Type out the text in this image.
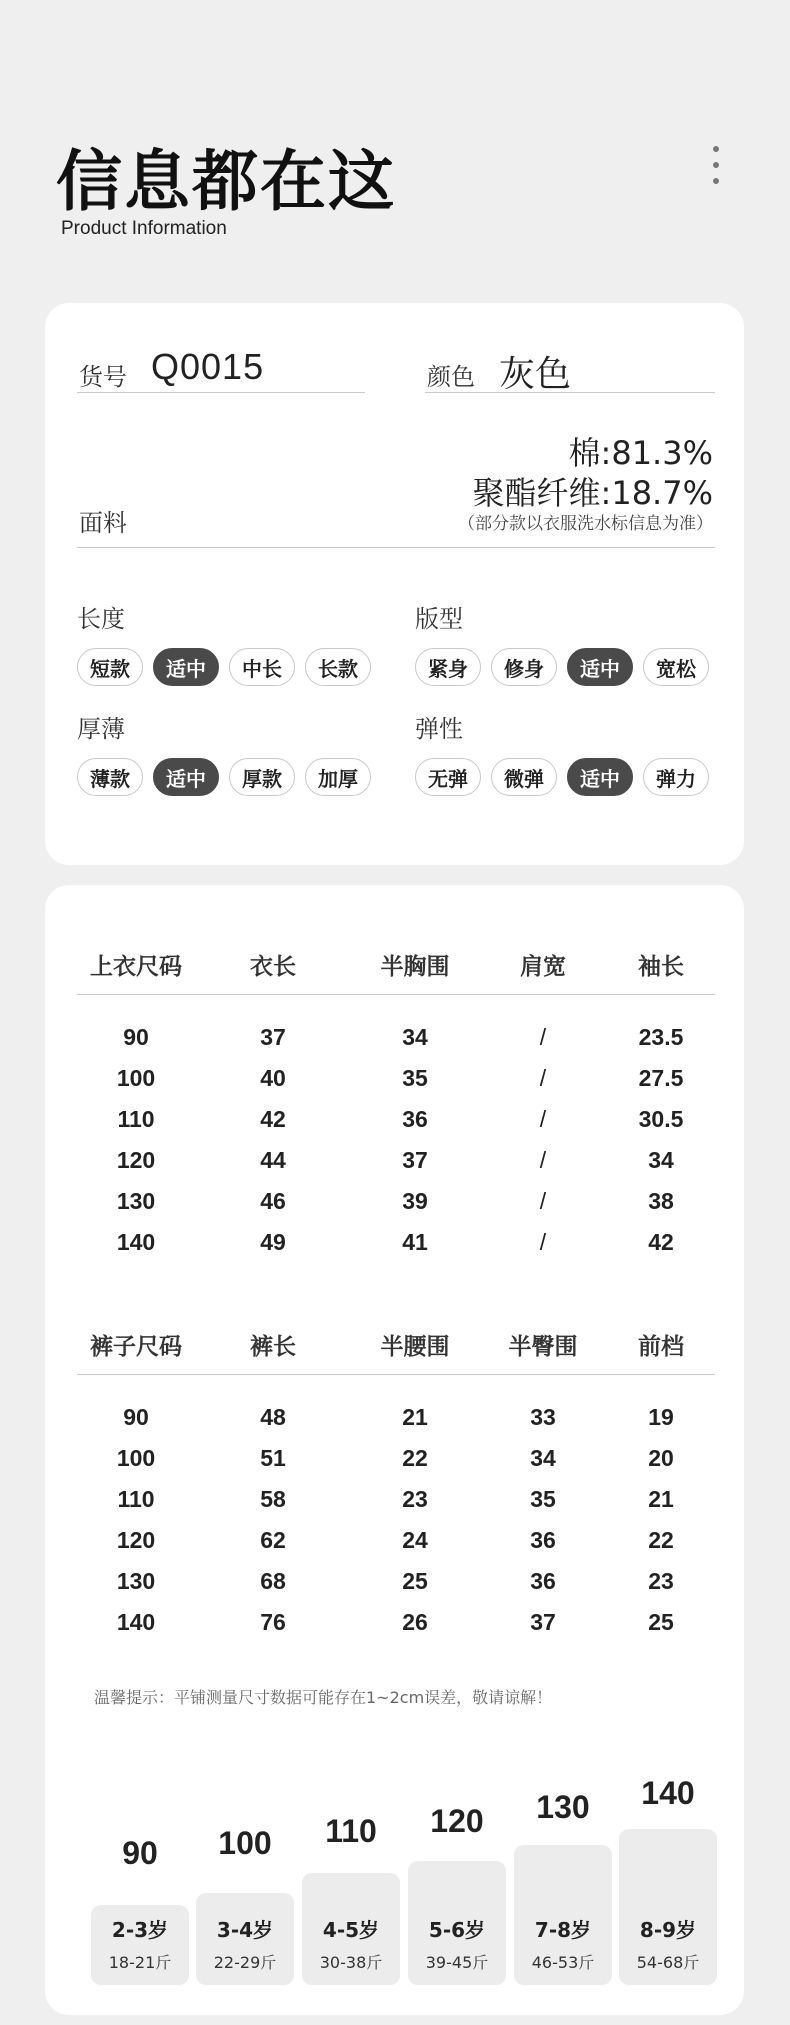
信息都在这
Product Information
货号 Q0015	颜色 灰色
面料
棉:81.3%
聚酯纤维:18.7%
（部分款以衣服洗水标信息为准）
长度
短款	适中	中长	长款
版型
紧身	修身	适中	宽松
厚薄
薄款	适中	厚款	加厚
弹性
无弹	微弹	适中	弹力
上衣尺码	衣长	半胸围	肩宽	袖长
90	37	34	/	23.5
100	40	35	/	27.5
110	42	36	/	30.5
120	44	37	/	34
130	46	39	/	38
140	49	41	/	42
裤子尺码	裤长	半腰围	半臀围	前档
90	48	21	33	19
100	51	22	34	20
110	58	23	35	21
120	62	24	36	22
130	68	25	36	23
140	76	26	37	25
温馨提示：平铺测量尺寸数据可能存在1~2cm误差，敬请谅解！
90
2-3岁
18-21斤
100
3-4岁
22-29斤
110
4-5岁
30-38斤
120
5-6岁
39-45斤
130
7-8岁
46-53斤
140
8-9岁
54-68斤
